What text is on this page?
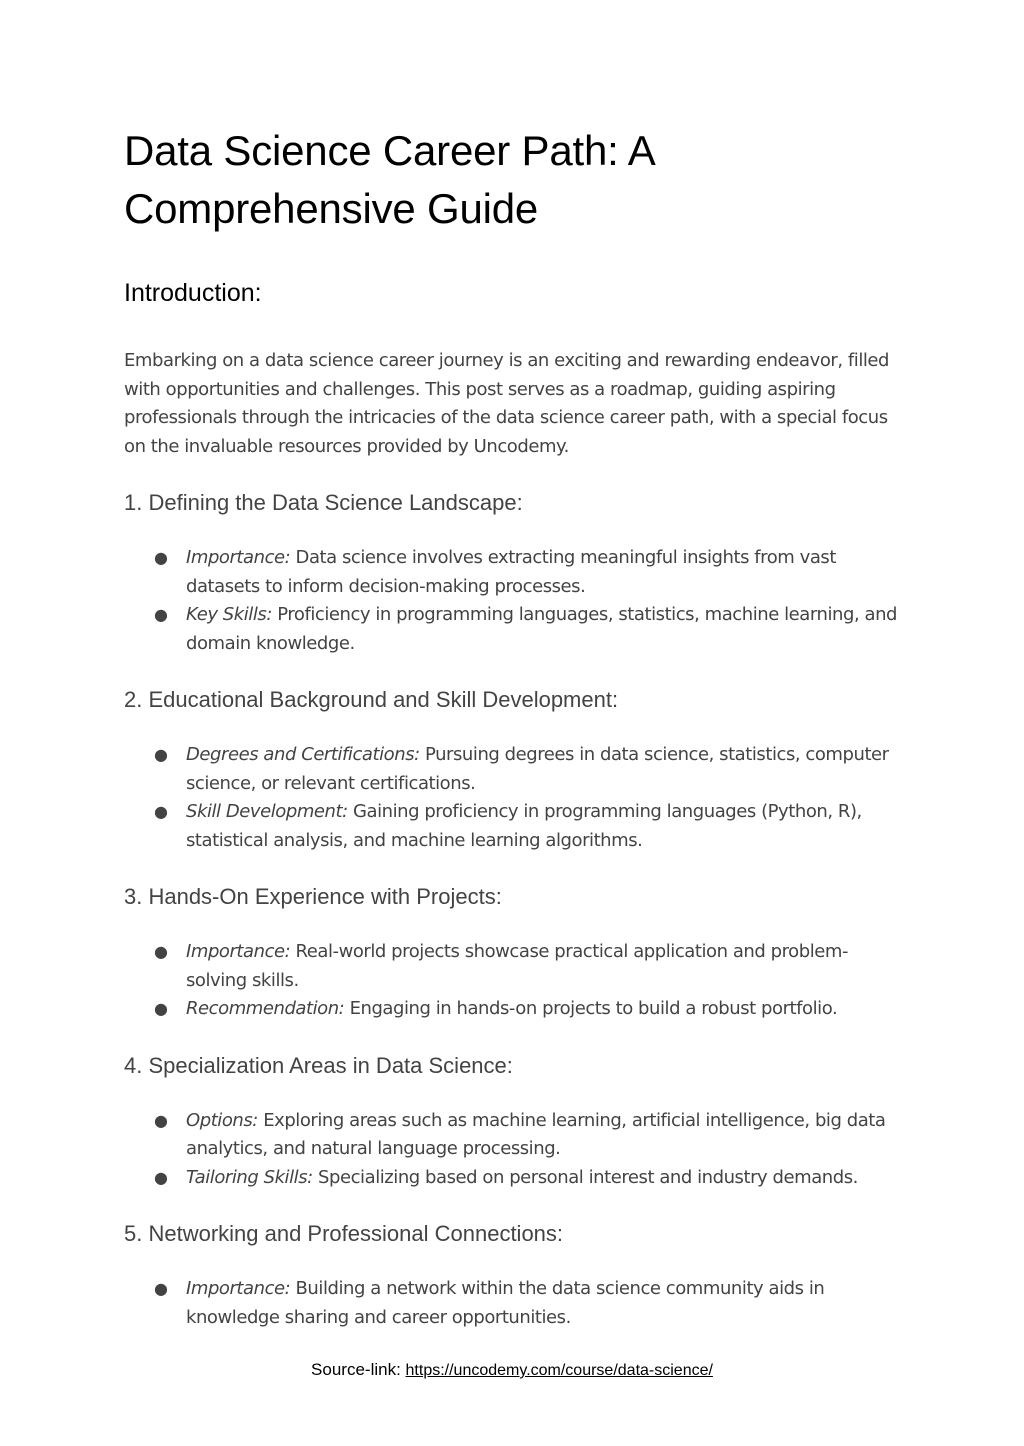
Data Science Career Path: A Comprehensive Guide
Introduction:

Embarking on a data science career journey is an exciting and rewarding endeavor, filled with opportunities and challenges. This post serves as a roadmap, guiding aspiring professionals through the intricacies of the data science career path, with a special focus on the invaluable resources provided by Uncodemy.

1. Defining the Data Science Landscape:
● Importance: Data science involves extracting meaningful insights from vast datasets to inform decision-making processes.
● Key Skills: Proficiency in programming languages, statistics, machine learning, and domain knowledge.
2. Educational Background and Skill Development:
● Degrees and Certifications: Pursuing degrees in data science, statistics, computer science, or relevant certifications.
● Skill Development: Gaining proficiency in programming languages (Python, R), statistical analysis, and machine learning algorithms.
3. Hands-On Experience with Projects:
● Importance: Real-world projects showcase practical application and problem-solving skills.
● Recommendation: Engaging in hands-on projects to build a robust portfolio.
4. Specialization Areas in Data Science:
● Options: Exploring areas such as machine learning, artificial intelligence, big data analytics, and natural language processing.
● Tailoring Skills: Specializing based on personal interest and industry demands.
5. Networking and Professional Connections:
● Importance: Building a network within the data science community aids in knowledge sharing and career opportunities.
Source-link: https://uncodemy.com/course/data-science/
